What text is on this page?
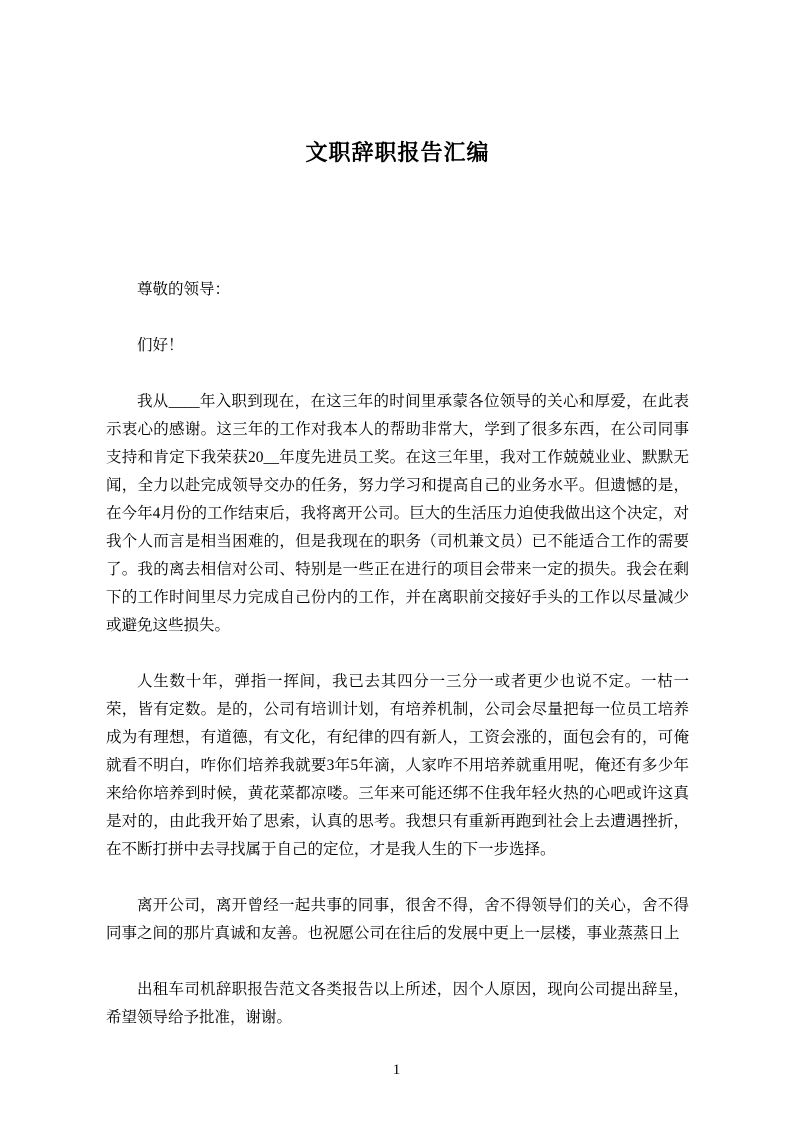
文职辞职报告汇编

尊敬的领导：

们好！

我从____年入职到现在，在这三年的时间里承蒙各位领导的关心和厚爱，在此表示衷心的感谢。这三年的工作对我本人的帮助非常大，学到了很多东西，在公司同事支持和肯定下我荣获20__年度先进员工奖。在这三年里，我对工作兢兢业业、默默无闻，全力以赴完成领导交办的任务，努力学习和提高自己的业务水平。但遗憾的是，在今年4月份的工作结束后，我将离开公司。巨大的生活压力迫使我做出这个决定，对我个人而言是相当困难的，但是我现在的职务（司机兼文员）已不能适合工作的需要了。我的离去相信对公司、特别是一些正在进行的项目会带来一定的损失。我会在剩下的工作时间里尽力完成自己份内的工作，并在离职前交接好手头的工作以尽量减少或避免这些损失。

人生数十年，弹指一挥间，我已去其四分一三分一或者更少也说不定。一枯一荣，皆有定数。是的，公司有培训计划，有培养机制，公司会尽量把每一位员工培养成为有理想，有道德，有文化，有纪律的四有新人，工资会涨的，面包会有的，可俺就看不明白，咋你们培养我就要3年5年滴，人家咋不用培养就重用呢，俺还有多少年来给你培养到时候，黄花菜都凉喽。三年来可能还绑不住我年轻火热的心吧或许这真是对的，由此我开始了思索，认真的思考。我想只有重新再跑到社会上去遭遇挫折，在不断打拼中去寻找属于自己的定位，才是我人生的下一步选择。

离开公司，离开曾经一起共事的同事，很舍不得，舍不得领导们的关心，舍不得同事之间的那片真诚和友善。也祝愿公司在往后的发展中更上一层楼，事业蒸蒸日上

出租车司机辞职报告范文各类报告以上所述，因个人原因，现向公司提出辞呈，希望领导给予批准，谢谢。

1
